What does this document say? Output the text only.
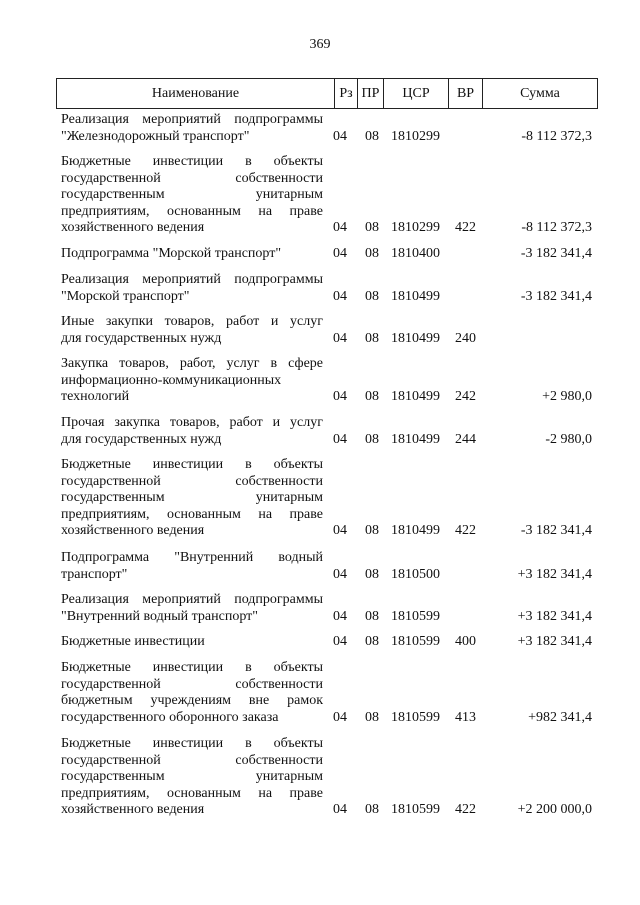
369
Наименование	Рз ПР	ЦСР	ВР	Сумма
Реализация мероприятий подпрограммы
"Железнодорожный транспорт"	04 08 1810299	-8 112 372,3
Бюджетные инвестиции в объекты
государственной собственности
государственным унитарным
предприятиям, основанным на праве
хозяйственного ведения	04 08 1810299 422	-8 112 372,3
Подпрограмма "Морской транспорт"	04 08 1810400	-3 182 341,4
Реализация мероприятий подпрограммы
"Морской транспорт"	04 08 1810499	-3 182 341,4
Иные закупки товаров, работ и услуг
для государственных нужд	04 08 1810499 240
Закупка товаров, работ, услуг в сфере
информационно-коммуникационных
технологий	04 08 1810499 242	+2 980,0
Прочая закупка товаров, работ и услуг
для государственных нужд	04 08 1810499 244	-2 980,0
Бюджетные инвестиции в объекты
государственной собственности
государственным унитарным
предприятиям, основанным на праве
хозяйственного ведения	04 08 1810499 422	-3 182 341,4
Подпрограмма "Внутренний водный
транспорт"	04 08 1810500	+3 182 341,4
Реализация мероприятий подпрограммы
"Внутренний водный транспорт"	04 08 1810599	+3 182 341,4
Бюджетные инвестиции	04 08 1810599 400	+3 182 341,4
Бюджетные инвестиции в объекты
государственной собственности
бюджетным учреждениям вне рамок
государственного оборонного заказа	04 08 1810599 413	+982 341,4
Бюджетные инвестиции в объекты
государственной собственности
государственным унитарным
предприятиям, основанным на праве
хозяйственного ведения	04 08 1810599 422	+2 200 000,0
